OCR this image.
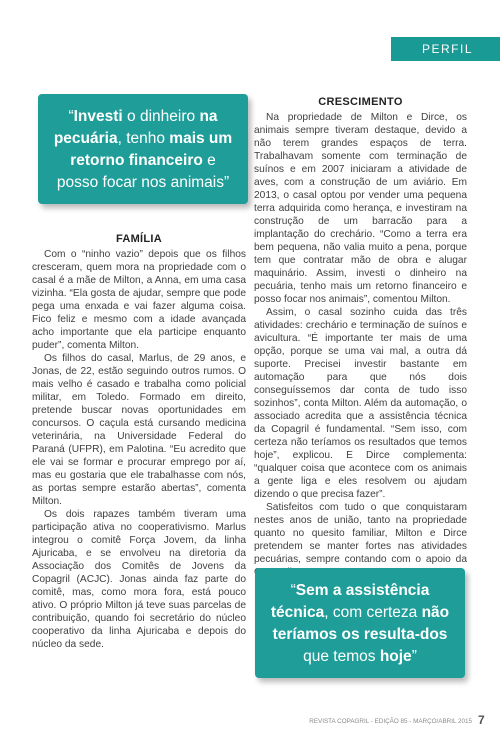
PERFIL
“Investi o dinheiro na pecuária, tenho mais um retorno financeiro e posso focar nos animais”
FAMÍLIA

Com o “ninho vazio” depois que os filhos cresceram, quem mora na propriedade com o casal é a mãe de Milton, a Anna, em uma casa vizinha. “Ela gosta de ajudar, sempre que pode pega uma enxada e vai fazer alguma coisa. Fico feliz e mesmo com a idade avançada acho importante que ela participe enquanto puder”, comenta Milton.

Os filhos do casal, Marlus, de 29 anos, e Jonas, de 22, estão seguindo outros rumos. O mais velho é casado e trabalha como policial militar, em Toledo. Formado em direito, pretende buscar novas oportunidades em concursos. O caçula está cursando medicina veterinária, na Universidade Federal do Paraná (UFPR), em Palotina. “Eu acredito que ele vai se formar e procurar emprego por aí, mas eu gostaria que ele trabalhasse com nós, as portas sempre estarão abertas”, comenta Milton.

Os dois rapazes também tiveram uma participação ativa no cooperativismo. Marlus integrou o comitê Força Jovem, da linha Ajuricaba, e se envolveu na diretoria da Associação dos Comitês de Jovens da Copagril (ACJC). Jonas ainda faz parte do comitê, mas, como mora fora, está pouco ativo. O próprio Milton já teve suas parcelas de contribuição, quando foi secretário do núcleo cooperativo da linha Ajuricaba e depois do núcleo da sede.

CRESCIMENTO

Na propriedade de Milton e Dirce, os animais sempre tiveram destaque, devido a não terem grandes espaços de terra. Trabalhavam somente com terminação de suínos e em 2007 iniciaram a atividade de aves, com a construção de um aviário. Em 2013, o casal optou por vender uma pequena terra adquirida como herança, e investiram na construção de um barracão para a implantação do crechário. “Como a terra era bem pequena, não valia muito a pena, porque tem que contratar mão de obra e alugar maquinário. Assim, investi o dinheiro na pecuária, tenho mais um retorno financeiro e posso focar nos animais”, comentou Milton.

Assim, o casal sozinho cuida das três atividades: crechário e terminação de suínos e avicultura. “É importante ter mais de uma opção, porque se uma vai mal, a outra dá suporte. Precisei investir bastante em automação para que nós dois conseguíssemos dar conta de tudo isso sozinhos”, conta Milton. Além da automação, o associado acredita que a assistência técnica da Copagril é fundamental. “Sem isso, com certeza não teríamos os resultados que temos hoje”, explicou. E Dirce complementa: “qualquer coisa que acontece com os animais a gente liga e eles resolvem ou ajudam dizendo o que precisa fazer”.

Satisfeitos com tudo o que conquistaram nestes anos de união, tanto na propriedade quanto no quesito familiar, Milton e Dirce pretendem se manter fortes nas atividades pecuárias, sempre contando com o apoio da

“Sem a assistência técnica, com certeza não teríamos os resulta-dos que temos hoje”
REVISTA COPAGRIL - EDIÇÃO 85 - MARÇO/ABRIL 2015 7
